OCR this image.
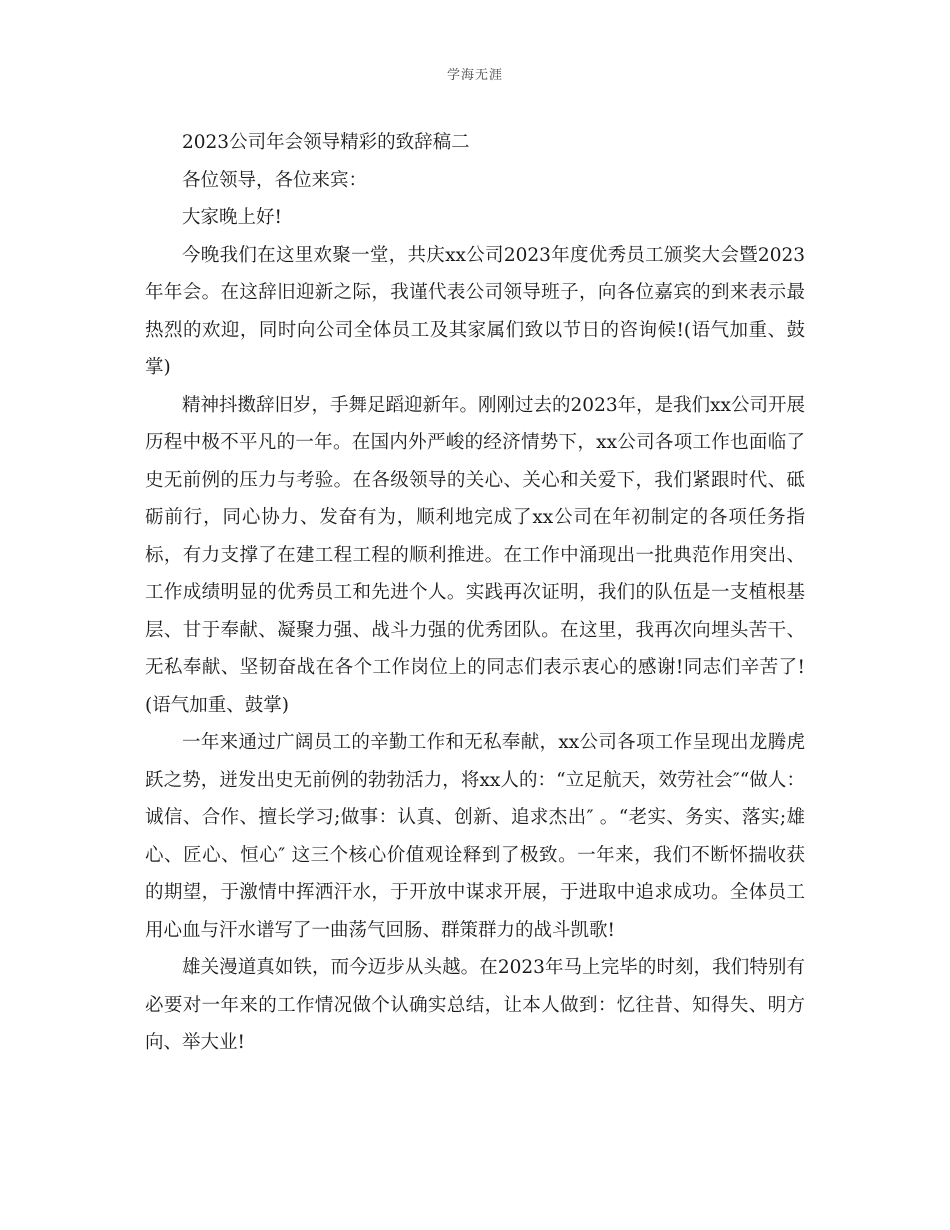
学海无涯

2023公司年会领导精彩的致辞稿二

各位领导，各位来宾：

大家晚上好!

今晚我们在这里欢聚一堂，共庆xx公司2023年度优秀员工颁奖大会暨2023年年会。在这辞旧迎新之际，我谨代表公司领导班子，向各位嘉宾的到来表示最热烈的欢迎，同时向公司全体员工及其家属们致以节日的咨询候!(语气加重、鼓掌)

精神抖擞辞旧岁，手舞足蹈迎新年。刚刚过去的2023年，是我们xx公司开展历程中极不平凡的一年。在国内外严峻的经济情势下，xx公司各项工作也面临了史无前例的压力与考验。在各级领导的关心、关心和关爱下，我们紧跟时代、砥砺前行，同心协力、发奋有为，顺利地完成了xx公司在年初制定的各项任务指标，有力支撑了在建工程工程的顺利推进。在工作中涌现出一批典范作用突出、工作成绩明显的优秀员工和先进个人。实践再次证明，我们的队伍是一支植根基层、甘于奉献、凝聚力强、战斗力强的优秀团队。在这里，我再次向埋头苦干、无私奉献、坚韧奋战在各个工作岗位上的同志们表示衷心的感谢!同志们辛苦了!(语气加重、鼓掌)

一年来通过广阔员工的辛勤工作和无私奉献，xx公司各项工作呈现出龙腾虎跃之势，迸发出史无前例的勃勃活力，将xx人的：“立足航天，效劳社会″“做人：诚信、合作、擅长学习;做事：认真、创新、追求杰出″ 。“老实、务实、落实;雄心、匠心、恒心″ 这三个核心价值观诠释到了极致。一年来，我们不断怀揣收获的期望，于激情中挥洒汗水，于开放中谋求开展，于进取中追求成功。全体员工用心血与汗水谱写了一曲荡气回肠、群策群力的战斗凯歌!

雄关漫道真如铁，而今迈步从头越。在2023年马上完毕的时刻，我们特别有必要对一年来的工作情况做个认确实总结，让本人做到：忆往昔、知得失、明方向、举大业!
